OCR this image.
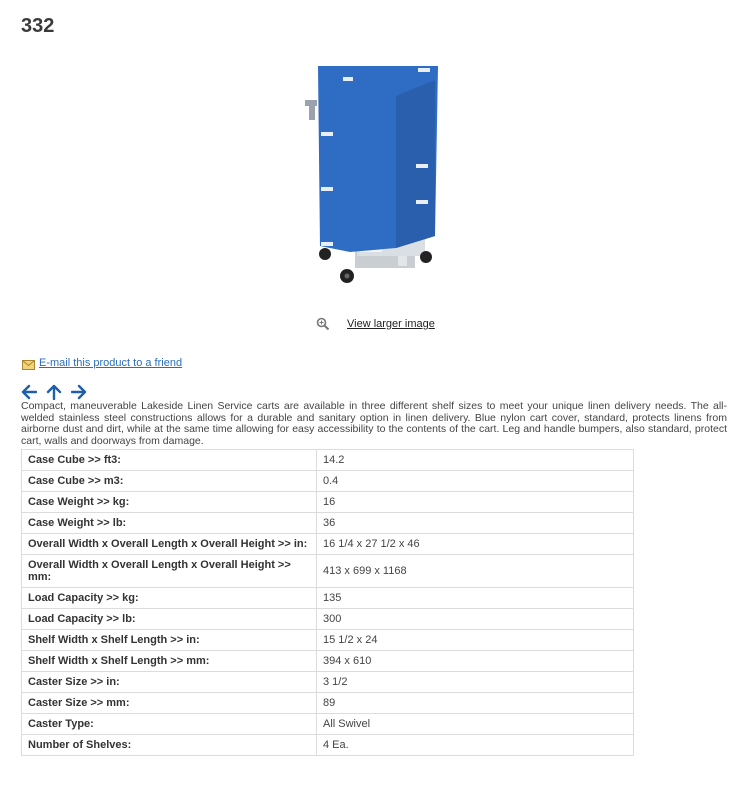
332
View larger image
E-mail this product to a friend
Compact, maneuverable Lakeside Linen Service carts are available in three different shelf sizes to meet your unique linen delivery needs. The all-welded stainless steel constructions allows for a durable and sanitary option in linen delivery. Blue nylon cart cover, standard, protects linens from airborne dust and dirt, while at the same time allowing for easy accessibility to the contents of the cart. Leg and handle bumpers, also standard, protect cart, walls and doorways from damage.
Case Cube >> ft3:	14.2
Case Cube >> m3:	0.4
Case Weight >> kg:	16
Case Weight >> lb:	36
Overall Width x Overall Length x Overall Height >> in:	16 1/4 x 27 1/2 x 46
Overall Width x Overall Length x Overall Height >> mm:	413 x 699 x 1168
Load Capacity >> kg:	135
Load Capacity >> lb:	300
Shelf Width x Shelf Length >> in:	15 1/2 x 24
Shelf Width x Shelf Length >> mm:	394 x 610
Caster Size >> in:	3 1/2
Caster Size >> mm:	89
Caster Type:	All Swivel
Number of Shelves:	4 Ea.
